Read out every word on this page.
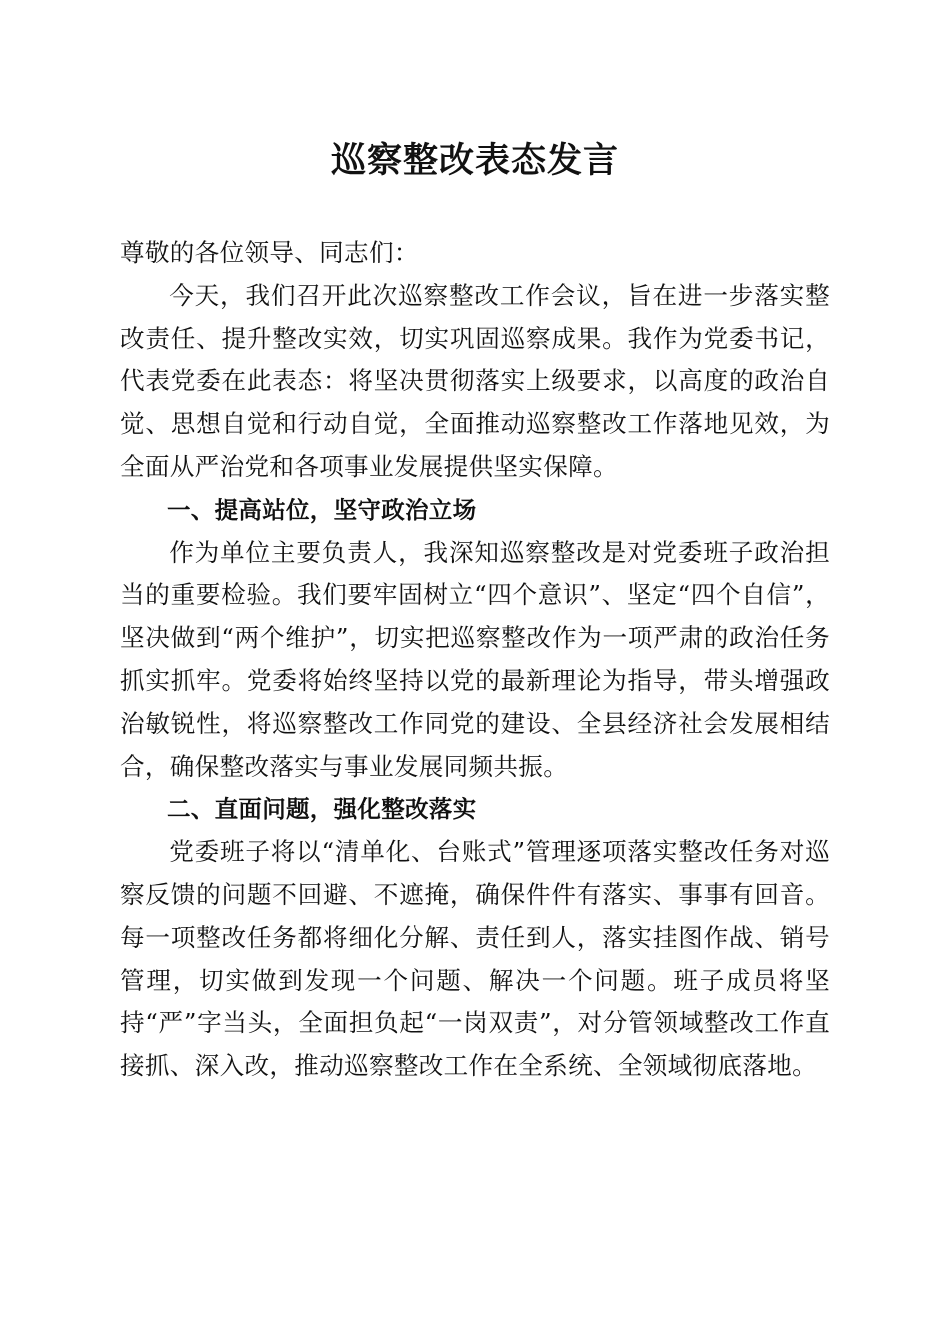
巡察整改表态发言

尊敬的各位领导、同志们：

今天，我们召开此次巡察整改工作会议，旨在进一步落实整改责任、提升整改实效，切实巩固巡察成果。我作为党委书记，代表党委在此表态：将坚决贯彻落实上级要求，以高度的政治自觉、思想自觉和行动自觉，全面推动巡察整改工作落地见效，为全面从严治党和各项事业发展提供坚实保障。

一、提高站位，坚守政治立场

作为单位主要负责人，我深知巡察整改是对党委班子政治担当的重要检验。我们要牢固树立“四个意识”、坚定“四个自信”，坚决做到“两个维护”，切实把巡察整改作为一项严肃的政治任务抓实抓牢。党委将始终坚持以党的最新理论为指导，带头增强政治敏锐性，将巡察整改工作同党的建设、全县经济社会发展相结合，确保整改落实与事业发展同频共振。

二、直面问题，强化整改落实

党委班子将以“清单化、台账式”管理逐项落实整改任务对巡察反馈的问题不回避、不遮掩，确保件件有落实、事事有回音。每一项整改任务都将细化分解、责任到人，落实挂图作战、销号管理，切实做到发现一个问题、解决一个问题。班子成员将坚持“严”字当头，全面担负起“一岗双责”，对分管领域整改工作直接抓、深入改，推动巡察整改工作在全系统、全领域彻底落地。
